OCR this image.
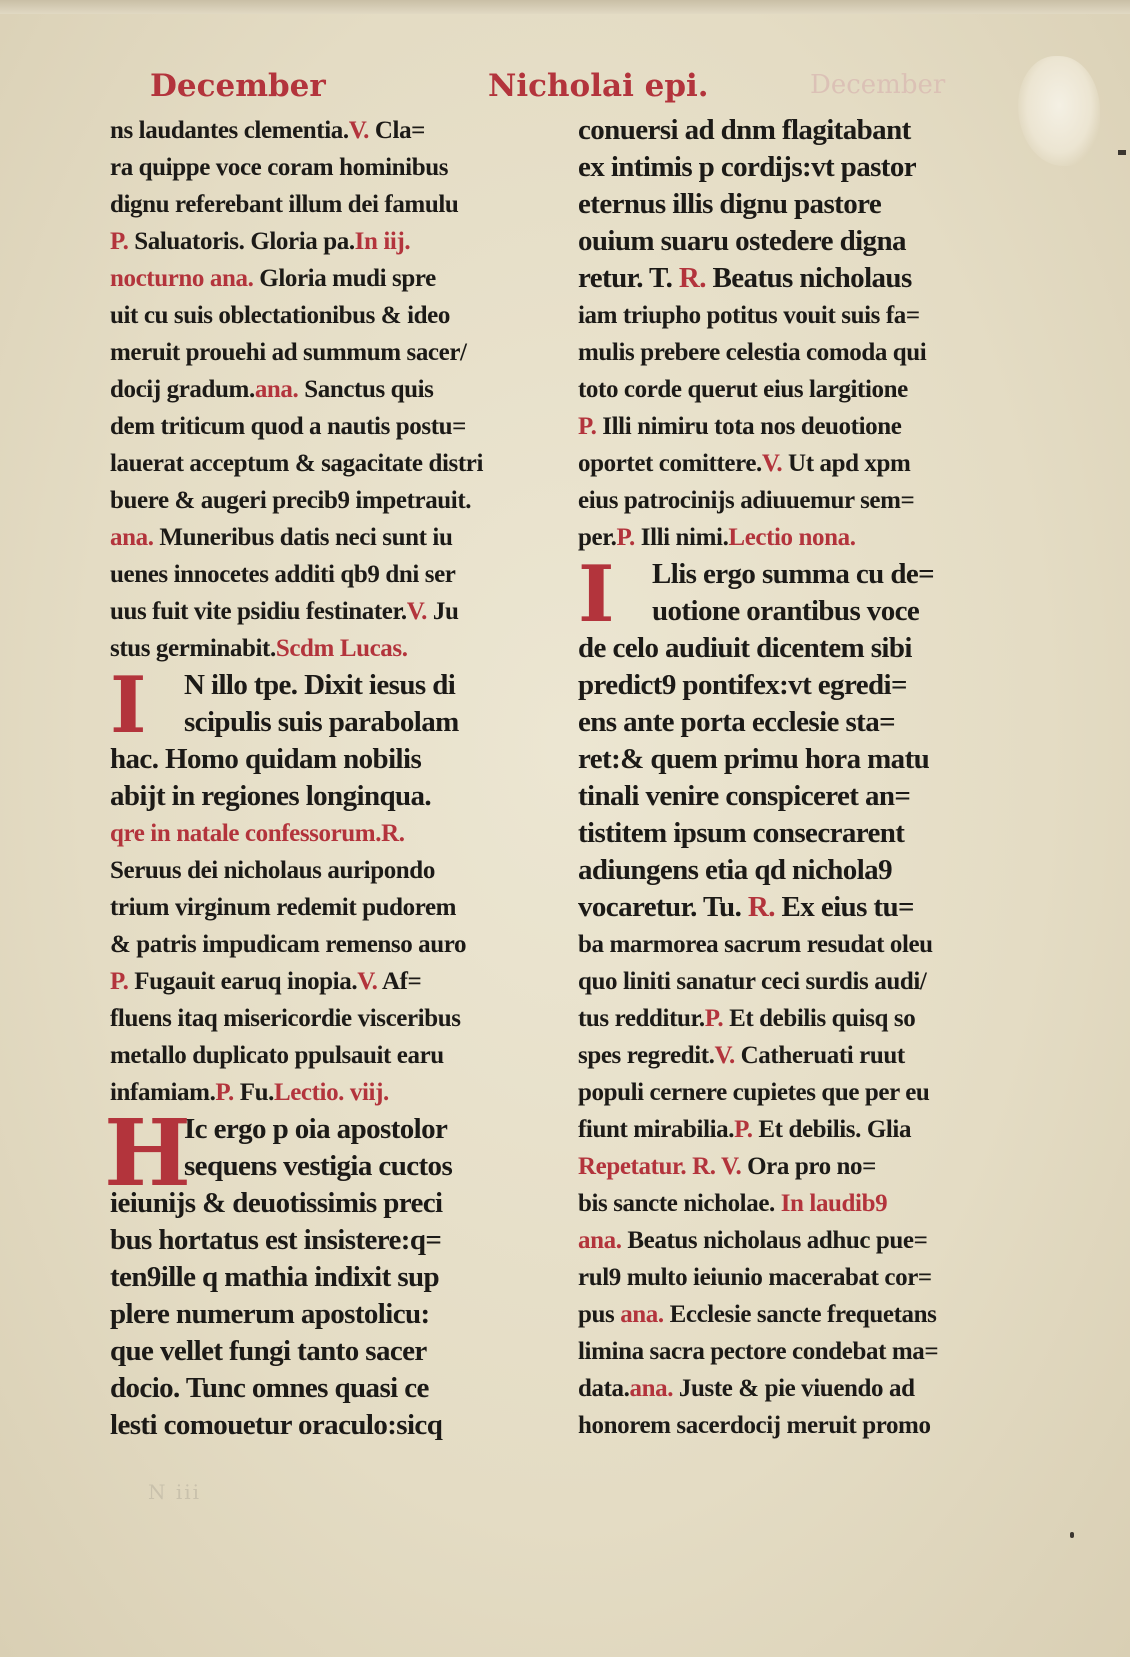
December	Nicholai epi.	December
ns laudantes clementia.V. Cla=
ra quippe voce coram hominibus
dignu referebant illum dei famulu
P. Saluatoris. Gloria pa.In iij.
nocturno ana. Gloria mudi spre
uit cu suis oblectationibus & ideo
meruit prouehi ad summum sacer/
docij gradum.ana. Sanctus quis
dem triticum quod a nautis postu=
lauerat acceptum & sagacitate distri
buere & augeri precib9 impetrauit.
ana. Muneribus datis neci sunt iu
uenes innocetes additi qb9 dni ser
uus fuit vite psidiu festinater.V. Ju
stus germinabit.Scdm Lucas.
I	N illo tpe. Dixit iesus di
scipulis suis parabolam
hac. Homo quidam nobilis
abijt in regiones longinqua.
qre in natale confessorum.R.
Seruus dei nicholaus auripondo
trium virginum redemit pudorem
& patris impudicam remenso auro
P. Fugauit earuq inopia.V. Af=
fluens itaq misericordie visceribus
metallo duplicato ppulsauit earu
infamiam.P. Fu.Lectio. viij.
H
Ic ergo p oia apostolor
sequens vestigia cuctos
ieiunijs & deuotissimis preci
bus hortatus est insistere:q=
ten9ille q mathia indixit sup
plere numerum apostolicu:
que vellet fungi tanto sacer
docio. Tunc omnes quasi ce
lesti comouetur oraculo:sicq
conuersi ad dnm flagitabant
ex intimis p cordijs:vt pastor
eternus illis dignu pastore
ouium suaru ostedere digna
retur. T. R. Beatus nicholaus
iam triupho potitus vouit suis fa=
mulis prebere celestia comoda qui
toto corde querut eius largitione
P. Illi nimiru tota nos deuotione
oportet comittere.V. Ut apd xpm
eius patrocinijs adiuuemur sem=
per.P. Illi nimi.Lectio nona.
I	Llis ergo summa cu de=
uotione orantibus voce
de celo audiuit dicentem sibi
predict9 pontifex:vt egredi=
ens ante porta ecclesie sta=
ret:& quem primu hora matu
tinali venire conspiceret an=
tistitem ipsum consecrarent
adiungens etia qd nichola9
vocaretur. Tu. R. Ex eius tu=
ba marmorea sacrum resudat oleu
quo liniti sanatur ceci surdis audi/
tus redditur.P. Et debilis quisq so
spes regredit.V. Catheruati ruut
populi cernere cupietes que per eu
fiunt mirabilia.P. Et debilis. Glia
Repetatur. R. V. Ora pro no=
bis sancte nicholae. In laudib9
ana. Beatus nicholaus adhuc pue=
rul9 multo ieiunio macerabat cor=
pus ana. Ecclesie sancte frequetans
limina sacra pectore condebat ma=
data.ana. Juste & pie viuendo ad
honorem sacerdocij meruit promo
N iii
